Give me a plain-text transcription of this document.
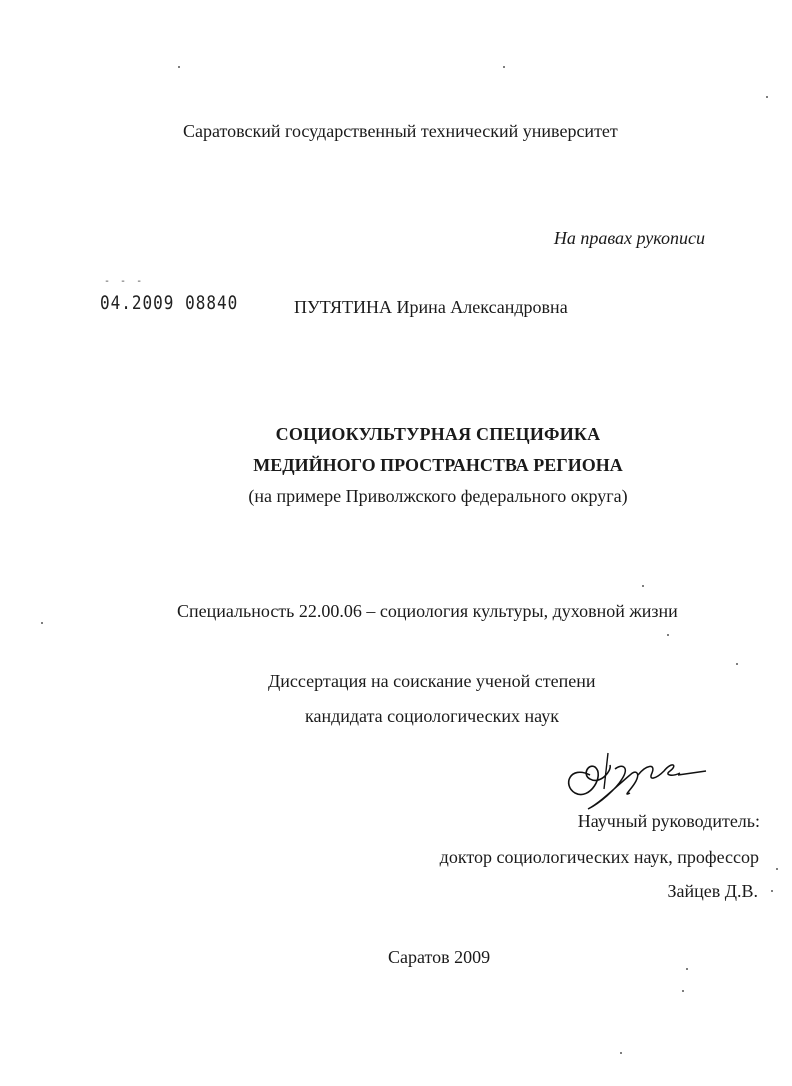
Саратовский государственный технический университет
На правах рукописи
- - -
04.2009 08840	ПУТЯТИНА Ирина Александровна
СОЦИОКУЛЬТУРНАЯ СПЕЦИФИКА
МЕДИЙНОГО ПРОСТРАНСТВА РЕГИОНА
(на примере Приволжского федерального округа)
Специальность 22.00.06 – социология культуры, духовной жизни
Диссертация на соискание ученой степени
кандидата социологических наук
Научный руководитель:
доктор социологических наук, профессор
Зайцев Д.В.
Саратов 2009
